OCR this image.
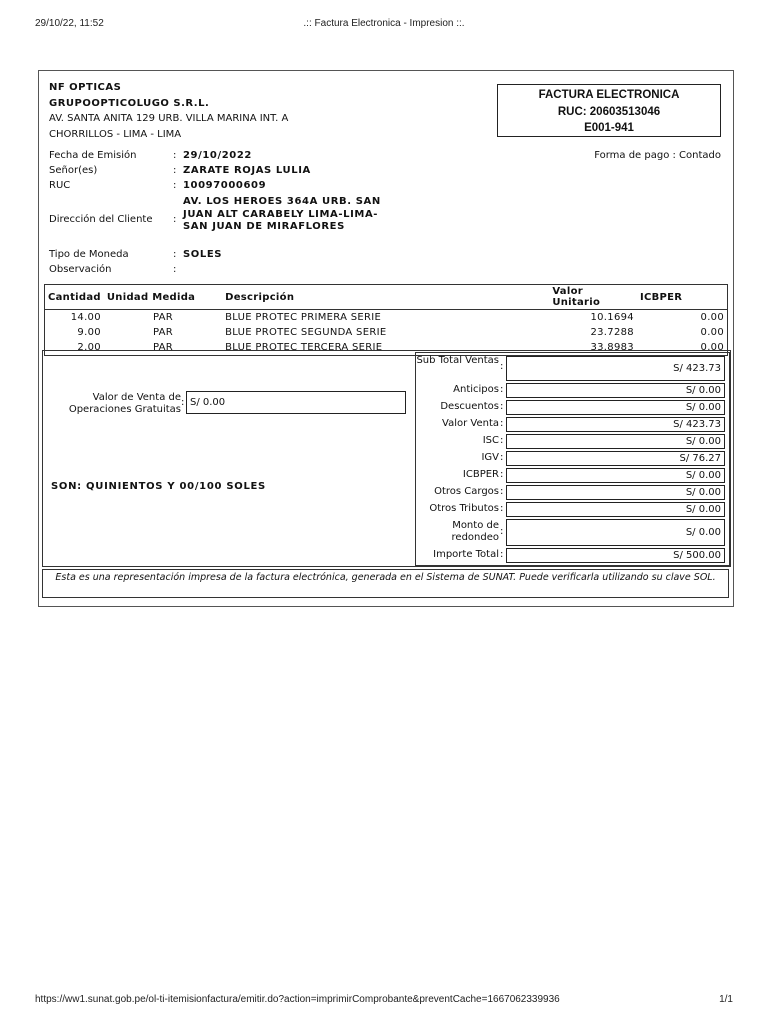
29/10/22, 11:52	.:: Factura Electronica - Impresion ::.
NF OPTICAS
GRUPOOPTICOLUGO S.R.L.
AV. SANTA ANITA 129 URB. VILLA MARINA INT. A
CHORRILLOS - LIMA - LIMA
FACTURA ELECTRONICA
RUC: 20603513046
E001-941
Fecha de Emisión	: 29/10/2022
Señor(es)	: ZARATE ROJAS LULIA
RUC	: 10097000609
Dirección del Cliente :
AV. LOS HEROES 364A URB. SAN JUAN ALT CARABELY LIMA-LIMA-SAN JUAN DE MIRAFLORES
Tipo de Moneda	: SOLES
Observación	:
Forma de pago : Contado
Cantidad	Unidad Medida	Descripción	Valor Unitario	ICBPER
14.00	PAR	BLUE PROTEC PRIMERA SERIE	10.1694	0.00
9.00	PAR	BLUE PROTEC SEGUNDA SERIE	23.7288	0.00
2.00	PAR	BLUE PROTEC TERCERA SERIE	33.8983	0.00
Valor de Venta de Operaciones Gratuitas
: S/ 0.00
SON: QUINIENTOS Y 00/100 SOLES
Sub Total Ventas
:	S/ 423.73
Anticipos :	S/ 0.00
Descuentos :	S/ 0.00
Valor Venta :	S/ 423.73
ISC :	S/ 0.00
IGV :	S/ 76.27
ICBPER :	S/ 0.00
Otros Cargos :	S/ 0.00
Otros Tributos :	S/ 0.00
Monto de redondeo
:	S/ 0.00
Importe Total :	S/ 500.00
Esta es una representación impresa de la factura electrónica, generada en el Sistema de SUNAT. Puede verificarla utilizando su clave SOL.
https://ww1.sunat.gob.pe/ol-ti-itemisionfactura/emitir.do?action=imprimirComprobante&preventCache=1667062339936	1/1
